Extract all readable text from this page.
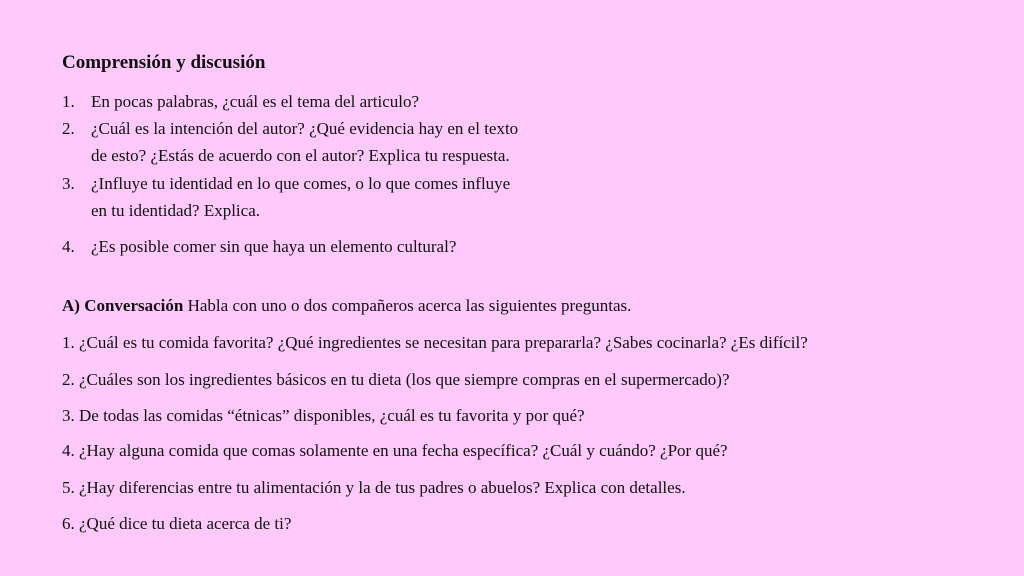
Comprensión y discusión
1. En pocas palabras, ¿cuál es el tema del articulo?
2. ¿Cuál es la intención del autor? ¿Qué evidencia hay en el texto
de esto? ¿Estás de acuerdo con el autor? Explica tu respuesta.
3. ¿Influye tu identidad en lo que comes, o lo que comes influye
en tu identidad? Explica.
4. ¿Es posible comer sin que haya un elemento cultural?
A) Conversación Habla con uno o dos compañeros acerca las siguientes preguntas.
1. ¿Cuál es tu comida favorita? ¿Qué ingredientes se necesitan para prepararla? ¿Sabes cocinarla? ¿Es difícil?
2. ¿Cuáles son los ingredientes básicos en tu dieta (los que siempre compras en el supermercado)?
3. De todas las comidas “étnicas” disponibles, ¿cuál es tu favorita y por qué?
4. ¿Hay alguna comida que comas solamente en una fecha específica? ¿Cuál y cuándo? ¿Por qué?
5. ¿Hay diferencias entre tu alimentación y la de tus padres o abuelos? Explica con detalles.
6. ¿Qué dice tu dieta acerca de ti?
